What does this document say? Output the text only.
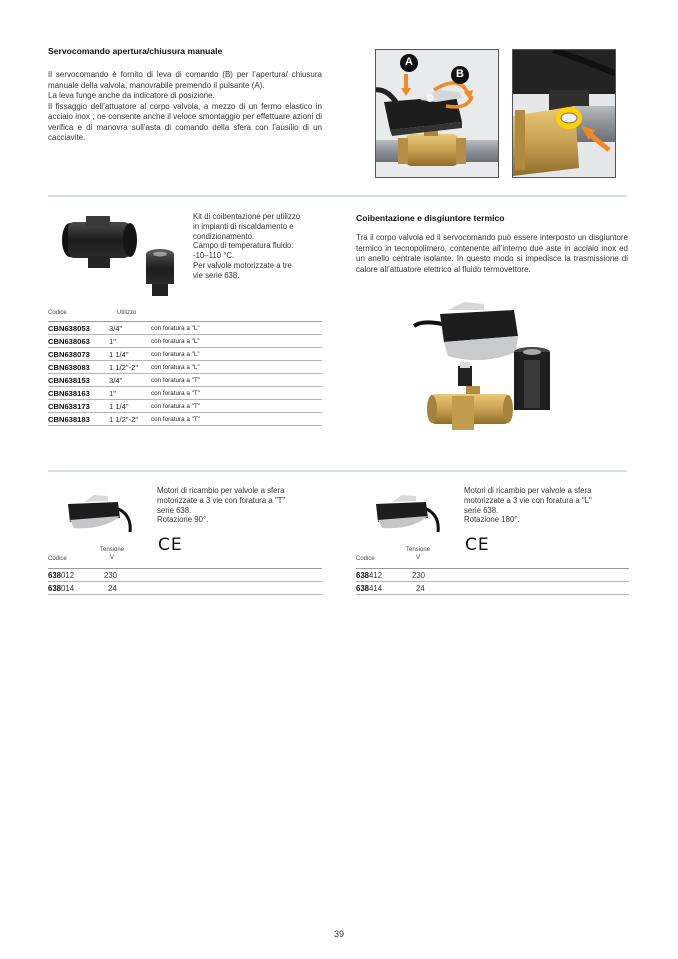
Servocomando apertura/chiusura manuale
Il servocomando è fornito di leva di comando (B) per l’apertura/ chiusura manuale della valvola, manovrabile premendo il pulsante (A).
La leva funge anche da indicatore di posizione.
Il fissaggio dell’attuatore al corpo valvola, a mezzo di un fermo elastico in acciaio inox , ne consente anche il veloce smontaggio per effettuare azioni di verifica e di manovra sull’asta di comando della sfera con l’ausilio di un cacciavite.
A
B
Kit di coibentazione per utilizzo
in impianti di riscaldamento e
condizionamento.
Campo di temperatura fluido:
-10–110 °C.
Per valvole motorizzate a tre
vie serie 638.
Codice	Utilizzo
CBN638053	3/4"	con foratura a "L"
CBN638063	1"	con foratura a "L"
CBN638073	1 1/4"	con foratura a "L"
CBN638083	1 1/2"-2" con foratura a "L"
CBN638153	3/4"	con foratura a "T"
CBN638163	1"	con foratura a "T"
CBN638173	1 1/4"	con foratura a "T"
CBN638183	1 1/2"-2" con foratura a "T"
Coibentazione e disgiuntore termico
Tra il corpo valvola ed il servocomando può essere interposto un disgiuntore termico in tecnopolimero, contenente all’interno due aste in acciaio inox ed un anello centrale isolante. In questo modo si impedisce la trasmissione di calore all’attuatore elettrico al fluido termovettore.
Motori di ricambio per valvole a sfera
motorizzate a 3 vie con foratura a "T"
serie 638.
Rotazione 90°.
CE
Codice
Tensione
V
638012	230
638014	24
Motori di ricambio per valvole a sfera
motorizzate a 3 vie con foratura a "L"
serie 638.
Rotazione 180°.
CE
Codice
Tensione
V
638412	230
638414	24
39
